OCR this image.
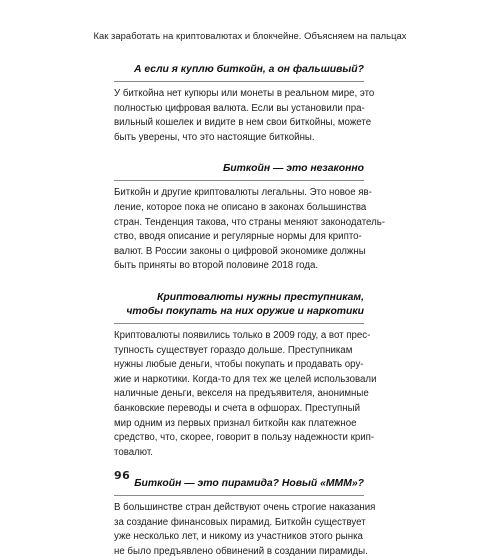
Как заработать на криптовалютах и блокчейне. Объясняем на пальцах

А если я куплю биткойн, а он фальшивый?

У биткойна нет купюры или монеты в реальном мире, это
полностью цифровая валюта. Если вы установили пра-
вильный кошелек и видите в нем свои биткойны, можете
быть уверены, что это настоящие биткойны.

Биткойн — это незаконно

Биткойн и другие криптовалюты легальны. Это новое яв-
ление, которое пока не описано в законах большинства
стран. Тенденция такова, что страны меняют законодатель-
ство, вводя описание и регулярные нормы для крипто-
валют. В России законы о цифровой экономике должны
быть приняты во второй половине 2018 года.

Криптовалюты нужны преступникам,
чтобы покупать на них оружие и наркотики

Криптовалюты появились только в 2009 году, а вот прес-
тупность существует гораздо дольше. Преступникам
нужны любые деньги, чтобы покупать и продавать ору-
жие и наркотики. Когда-то для тех же целей использовали
наличные деньги, векселя на предъявителя, анонимные
банковские переводы и счета в офшорах. Преступный
мир одним из первых признал биткойн как платежное
средство, что, скорее, говорит в пользу надежности крип-
товалют.

Биткойн — это пирамида? Новый «МММ»?

В большинстве стран действуют очень строгие наказания
за создание финансовых пирамид. Биткойн существует
уже несколько лет, и никому из участников этого рынка
не было предъявлено обвинений в создании пирамиды.

96
